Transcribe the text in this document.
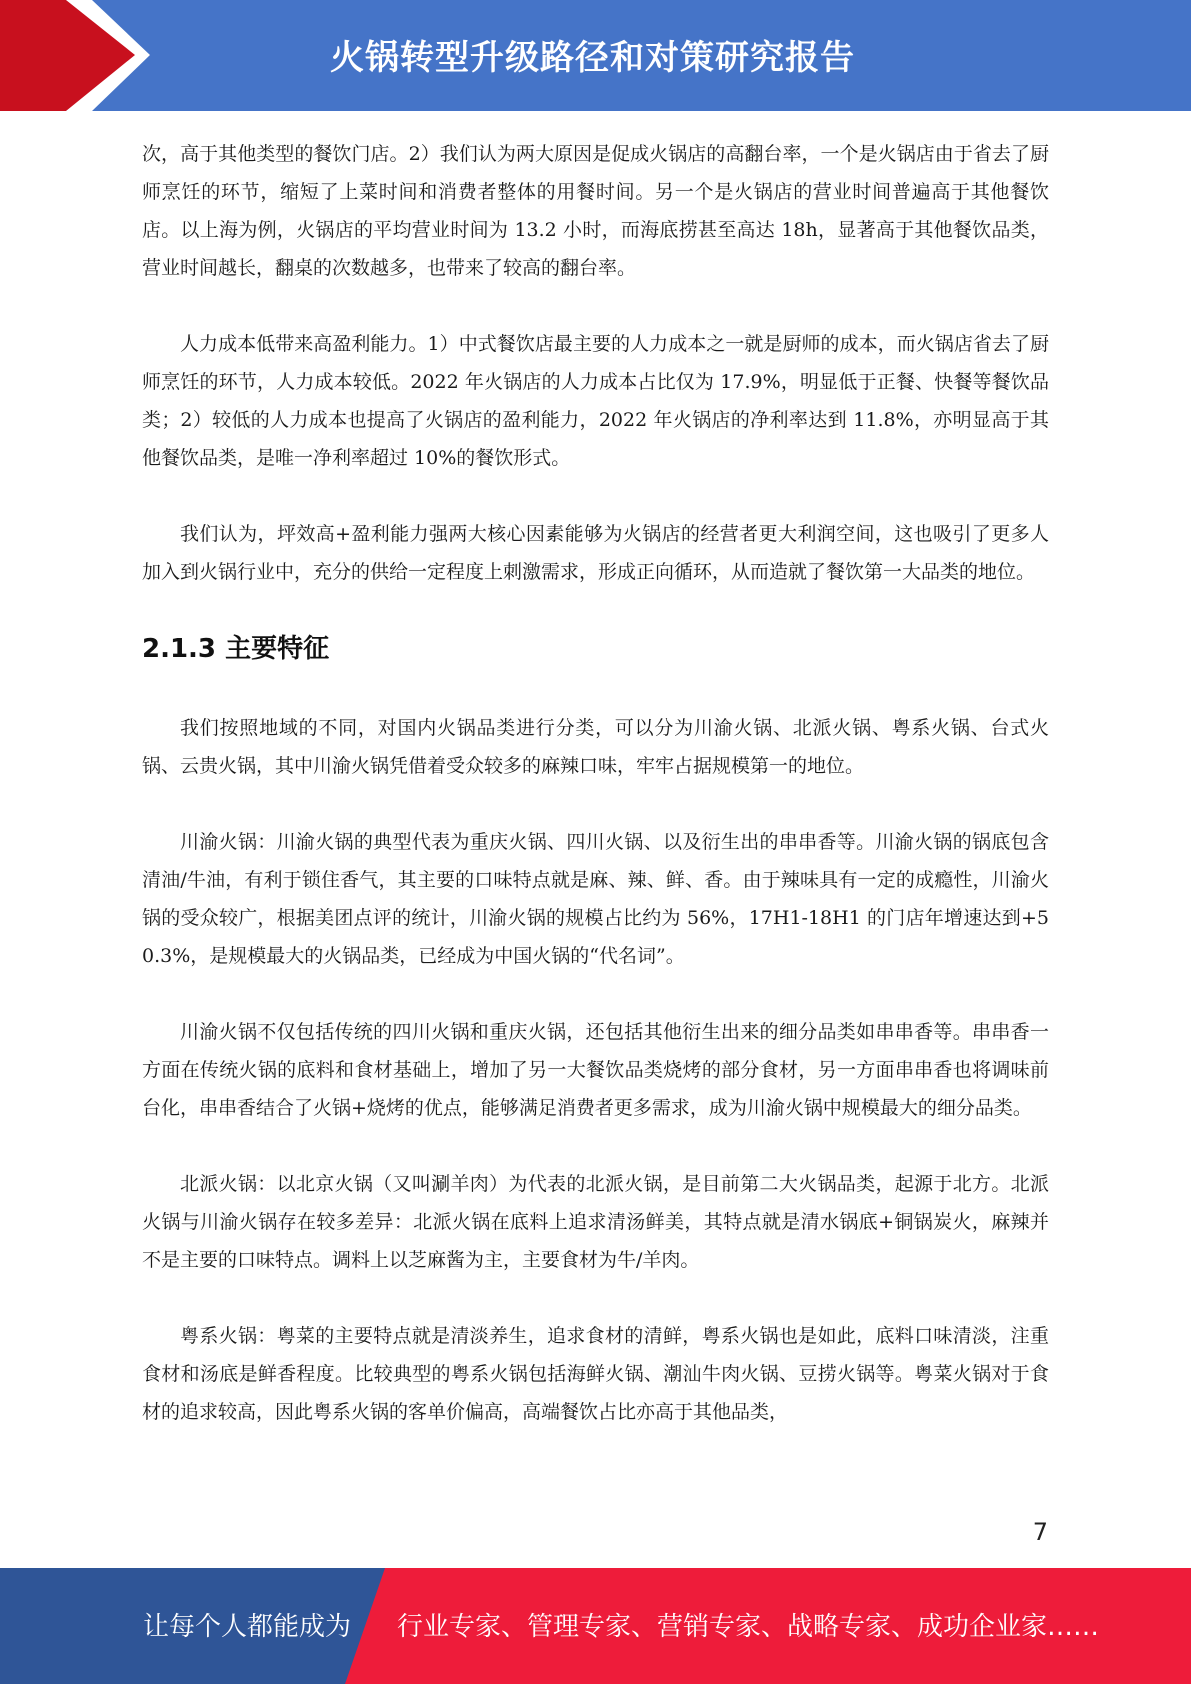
火锅转型升级路径和对策研究报告

次，高于其他类型的餐饮门店。2）我们认为两大原因是促成火锅店的高翻台率，一个是火锅店由于省去了厨师烹饪的环节，缩短了上菜时间和消费者整体的用餐时间。另一个是火锅店的营业时间普遍高于其他餐饮店。以上海为例，火锅店的平均营业时间为 13.2 小时，而海底捞甚至高达 18h，显著高于其他餐饮品类，营业时间越长，翻桌的次数越多，也带来了较高的翻台率。

人力成本低带来高盈利能力。1）中式餐饮店最主要的人力成本之一就是厨师的成本，而火锅店省去了厨师烹饪的环节，人力成本较低。2022 年火锅店的人力成本占比仅为 17.9%，明显低于正餐、快餐等餐饮品类；2）较低的人力成本也提高了火锅店的盈利能力，2022 年火锅店的净利率达到 11.8%，亦明显高于其他餐饮品类，是唯一净利率超过 10%的餐饮形式。

我们认为，坪效高+盈利能力强两大核心因素能够为火锅店的经营者更大利润空间，这也吸引了更多人加入到火锅行业中，充分的供给一定程度上刺激需求，形成正向循环，从而造就了餐饮第一大品类的地位。

2.1.3 主要特征

我们按照地域的不同，对国内火锅品类进行分类，可以分为川渝火锅、北派火锅、粤系火锅、台式火锅、云贵火锅，其中川渝火锅凭借着受众较多的麻辣口味，牢牢占据规模第一的地位。

川渝火锅：川渝火锅的典型代表为重庆火锅、四川火锅、以及衍生出的串串香等。川渝火锅的锅底包含清油/牛油，有利于锁住香气，其主要的口味特点就是麻、辣、鲜、香。由于辣味具有一定的成瘾性，川渝火锅的受众较广，根据美团点评的统计，川渝火锅的规模占比约为 56%，17H1-18H1 的门店年增速达到+50.3%，是规模最大的火锅品类，已经成为中国火锅的“代名词”。

川渝火锅不仅包括传统的四川火锅和重庆火锅，还包括其他衍生出来的细分品类如串串香等。串串香一方面在传统火锅的底料和食材基础上，增加了另一大餐饮品类烧烤的部分食材，另一方面串串香也将调味前台化，串串香结合了火锅+烧烤的优点，能够满足消费者更多需求，成为川渝火锅中规模最大的细分品类。

北派火锅：以北京火锅（又叫涮羊肉）为代表的北派火锅，是目前第二大火锅品类，起源于北方。北派火锅与川渝火锅存在较多差异：北派火锅在底料上追求清汤鲜美，其特点就是清水锅底+铜锅炭火，麻辣并不是主要的口味特点。调料上以芝麻酱为主，主要食材为牛/羊肉。

粤系火锅：粤菜的主要特点就是清淡养生，追求食材的清鲜，粤系火锅也是如此，底料口味清淡，注重食材和汤底是鲜香程度。比较典型的粤系火锅包括海鲜火锅、潮汕牛肉火锅、豆捞火锅等。粤菜火锅对于食材的追求较高，因此粤系火锅的客单价偏高，高端餐饮占比亦高于其他品类，

7
让每个人都能成为 行业专家、管理专家、营销专家、战略专家、成功企业家……
